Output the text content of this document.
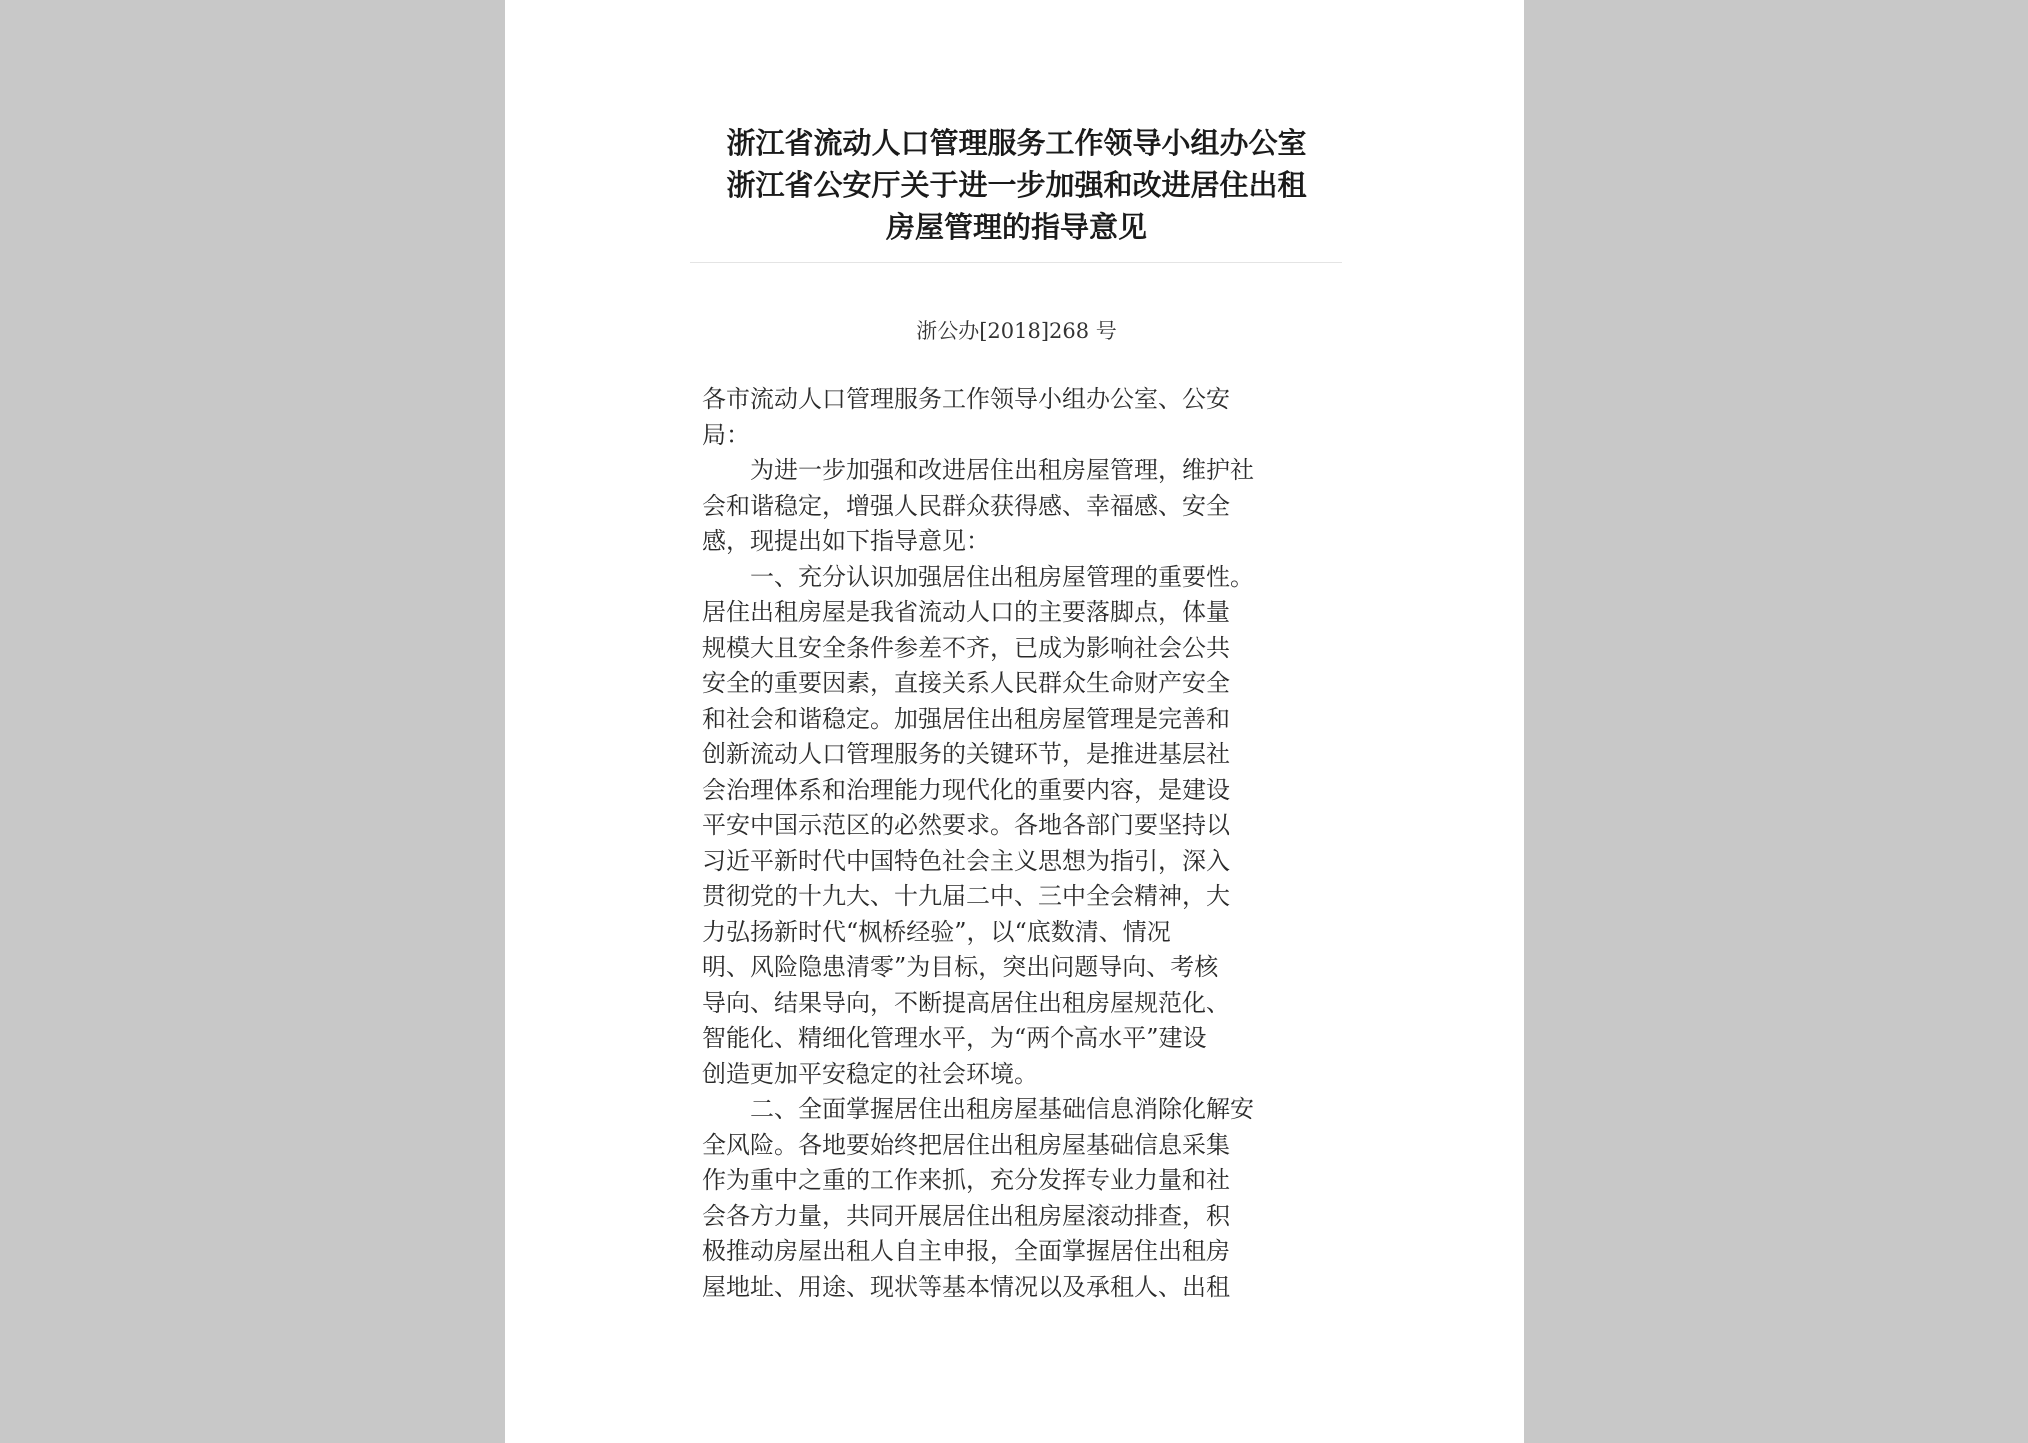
浙江省流动人口管理服务工作领导小组办公室
浙江省公安厅关于进一步加强和改进居住出租
房屋管理的指导意见
浙公办[2018]268 号
各市流动人口管理服务工作领导小组办公室、公安
局：
为进一步加强和改进居住出租房屋管理，维护社
会和谐稳定，增强人民群众获得感、幸福感、安全
感，现提出如下指导意见：
一、充分认识加强居住出租房屋管理的重要性。
居住出租房屋是我省流动人口的主要落脚点，体量
规模大且安全条件参差不齐，已成为影响社会公共
安全的重要因素，直接关系人民群众生命财产安全
和社会和谐稳定。加强居住出租房屋管理是完善和
创新流动人口管理服务的关键环节，是推进基层社
会治理体系和治理能力现代化的重要内容，是建设
平安中国示范区的必然要求。各地各部门要坚持以
习近平新时代中国特色社会主义思想为指引，深入
贯彻党的十九大、十九届二中、三中全会精神，大
力弘扬新时代“枫桥经验”，以“底数清、情况
明、风险隐患清零”为目标，突出问题导向、考核
导向、结果导向，不断提高居住出租房屋规范化、
智能化、精细化管理水平，为“两个高水平”建设
创造更加平安稳定的社会环境。
二、全面掌握居住出租房屋基础信息消除化解安
全风险。各地要始终把居住出租房屋基础信息采集
作为重中之重的工作来抓，充分发挥专业力量和社
会各方力量，共同开展居住出租房屋滚动排查，积
极推动房屋出租人自主申报，全面掌握居住出租房
屋地址、用途、现状等基本情况以及承租人、出租
